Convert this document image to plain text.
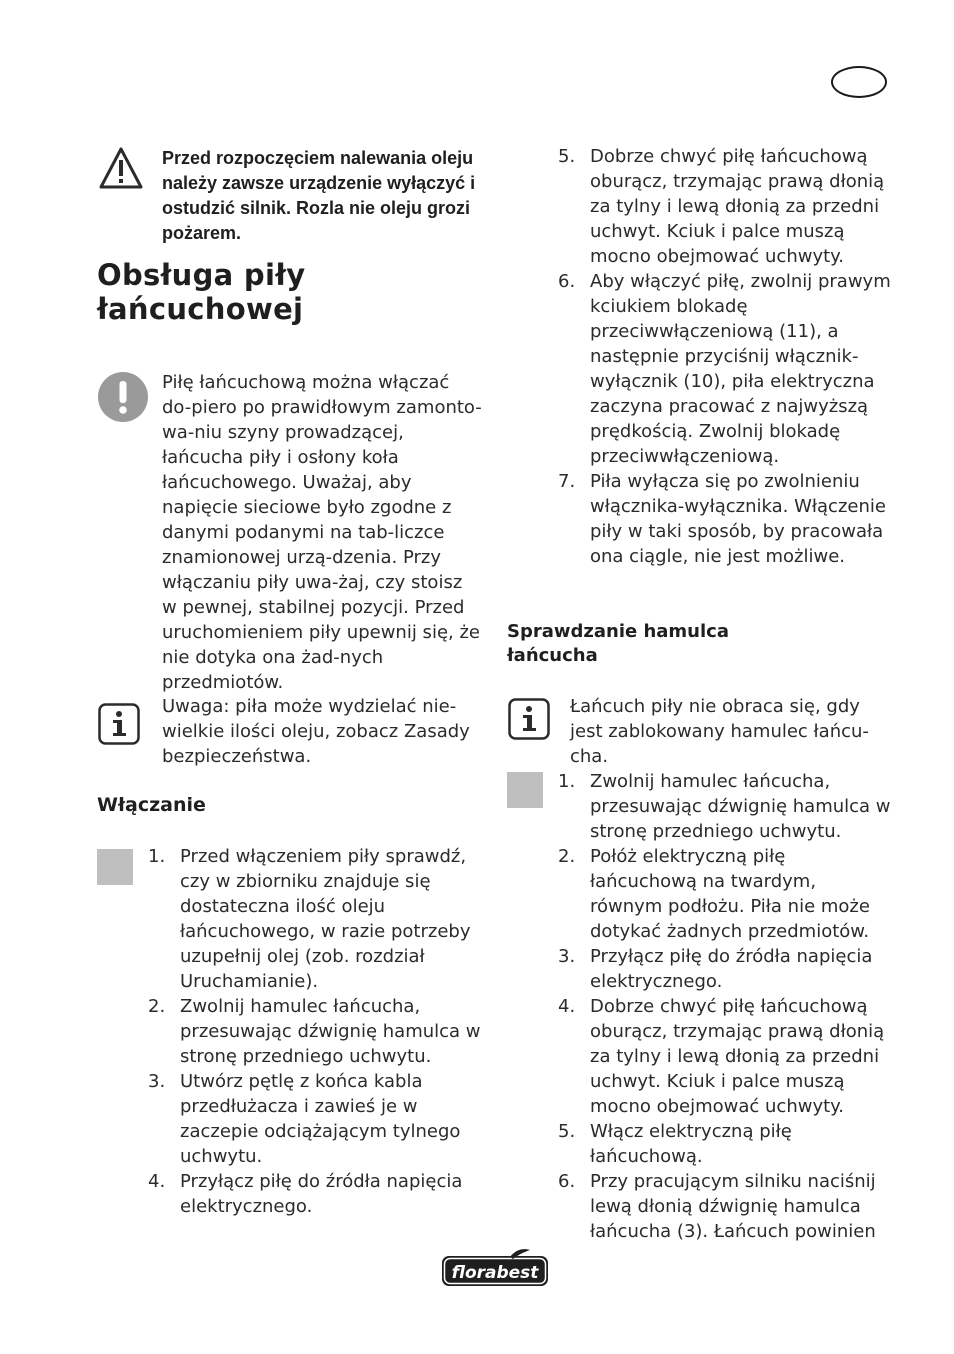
Przed rozpoczęciem nalewania oleju należy zawsze urządzenie wyłączyć i ostudzić silnik. Rozla nie oleju grozi pożarem.
Obsługa piły
łańcuchowej
Piłę łańcuchową można włączać do-piero po prawidłowym zamonto-wa-niu szyny prowadzącej, łańcucha piły i osłony koła łańcuchowego. Uważaj, aby napięcie sieciowe było zgodne z danymi podanymi na tab-liczce znamionowej urzą-dzenia. Przy włączaniu piły uwa-żaj, czy stoisz w pewnej, stabilnej pozycji. Przed uruchomieniem piły upewnij się, że nie dotyka ona żad-nych przedmiotów.
Uwaga: piła może wydzielać nie-wielkie ilości oleju, zobacz Zasady bezpieczeństwa.
Włączanie
1. Przed włączeniem piły sprawdź, czy w zbiorniku znajduje się dostateczna ilość oleju łańcuchowego, w razie potrzeby uzupełnij olej (zob. rozdział Uruchamianie).
2. Zwolnij hamulec łańcucha, przesuwając dźwignię hamulca w stronę przedniego uchwytu.
3. Utwórz pętlę z końca kabla przedłużacza i zawieś je w zaczepie odciążającym tylnego uchwytu.
4. Przyłącz piłę do źródła napięcia elektrycznego.
5. Dobrze chwyć piłę łańcuchową oburącz, trzymając prawą dłonią za tylny i lewą dłonią za przedni uchwyt. Kciuk i palce muszą mocno obejmować uchwyty.
6. Aby włączyć piłę, zwolnij prawym kciukiem blokadę przeciwwłączeniową (11), a następnie przyciśnij włącznik-wyłącznik (10), piła elektryczna zaczyna pracować z najwyższą prędkością. Zwolnij blokadę przeciwwłączeniową.
7. Piła wyłącza się po zwolnieniu włącznika-wyłącznika. Włączenie piły w taki sposób, by pracowała ona ciągle, nie jest możliwe.
Sprawdzanie hamulca
łańcucha
Łańcuch piły nie obraca się, gdy jest zablokowany hamulec łańcu-cha.
1. Zwolnij hamulec łańcucha, przesuwając dźwignię hamulca w stronę przedniego uchwytu.
2. Połóż elektryczną piłę łańcuchową na twardym, równym podłożu. Piła nie może dotykać żadnych przedmiotów.
3. Przyłącz piłę do źródła napięcia elektrycznego.
4. Dobrze chwyć piłę łańcuchową oburącz, trzymając prawą dłonią za tylny i lewą dłonią za przedni uchwyt. Kciuk i palce muszą mocno obejmować uchwyty.
5. Włącz elektryczną piłę łańcuchową.
6. Przy pracującym silniku naciśnij lewą dłonią dźwignię hamulca łańcucha (3). Łańcuch powinien
florabest
